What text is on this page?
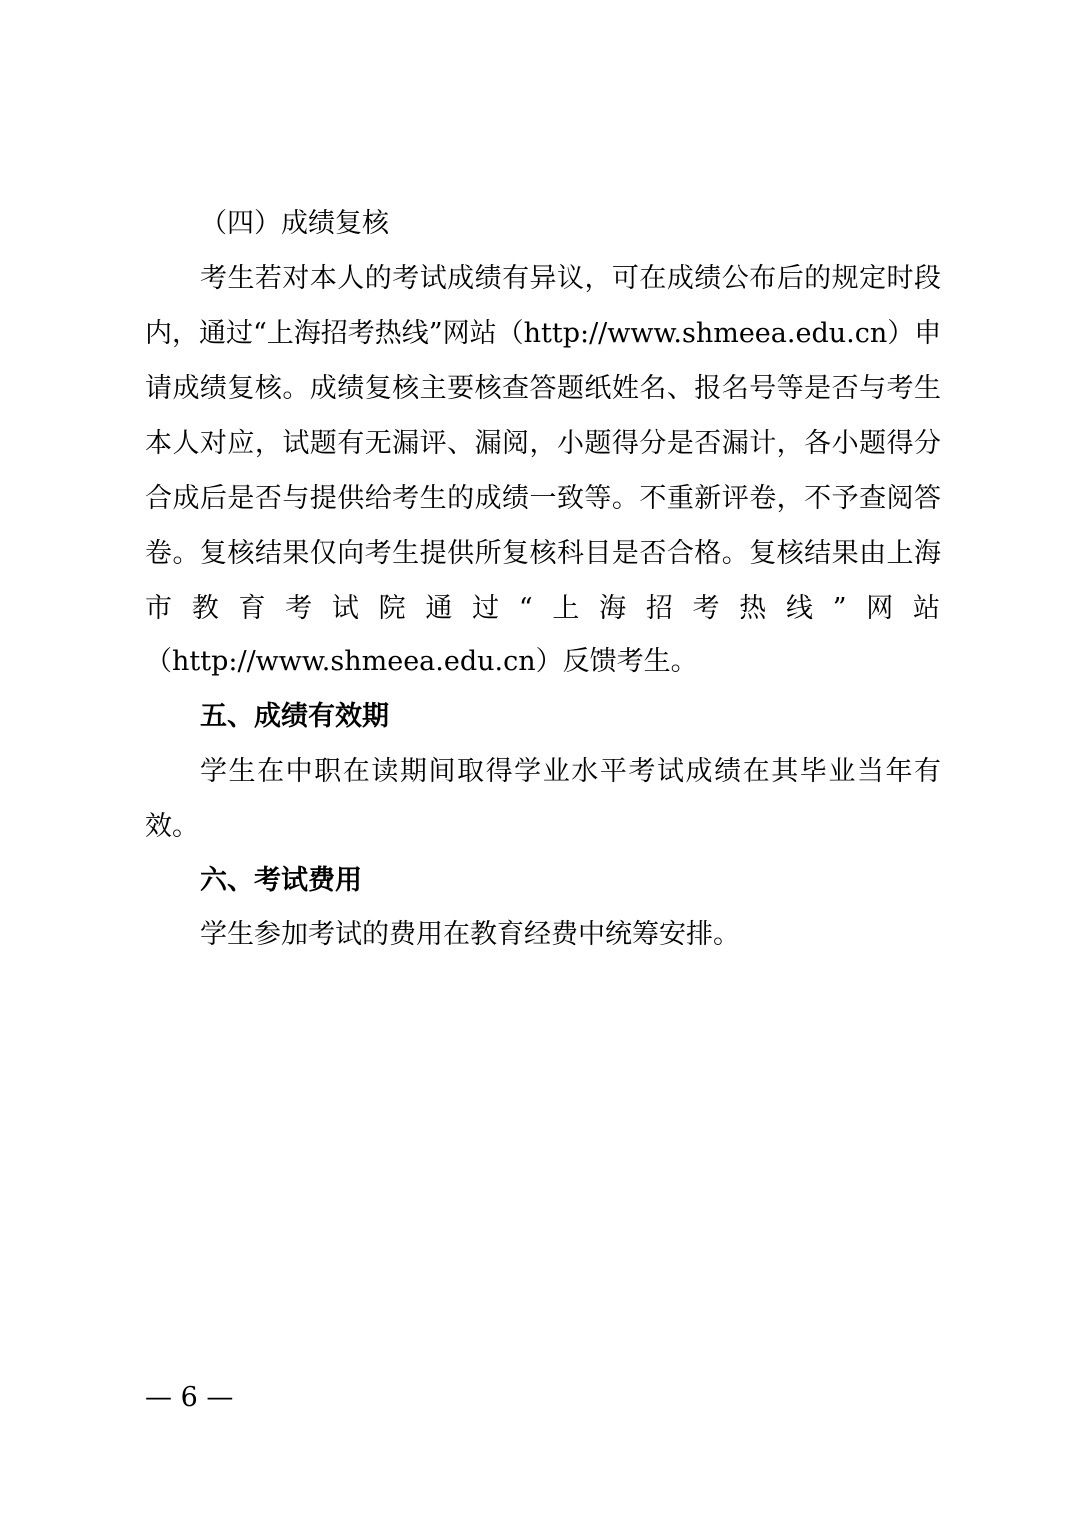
（四）成绩复核
考生若对本人的考试成绩有异议，可在成绩公布后的规定时段
内，通过“上海招考热线”网站（http://www.shmeea.edu.cn）申
请成绩复核。成绩复核主要核查答题纸姓名、报名号等是否与考生
本人对应，试题有无漏评、漏阅，小题得分是否漏计，各小题得分
合成后是否与提供给考生的成绩一致等。不重新评卷，不予查阅答
卷。复核结果仅向考生提供所复核科目是否合格。复核结果由上海
市教育考试院通过“上海招考热线”网站
（http://www.shmeea.edu.cn）反馈考生。
五、成绩有效期
学生在中职在读期间取得学业水平考试成绩在其毕业当年有
效。
六、考试费用
学生参加考试的费用在教育经费中统筹安排。
— 6 —
